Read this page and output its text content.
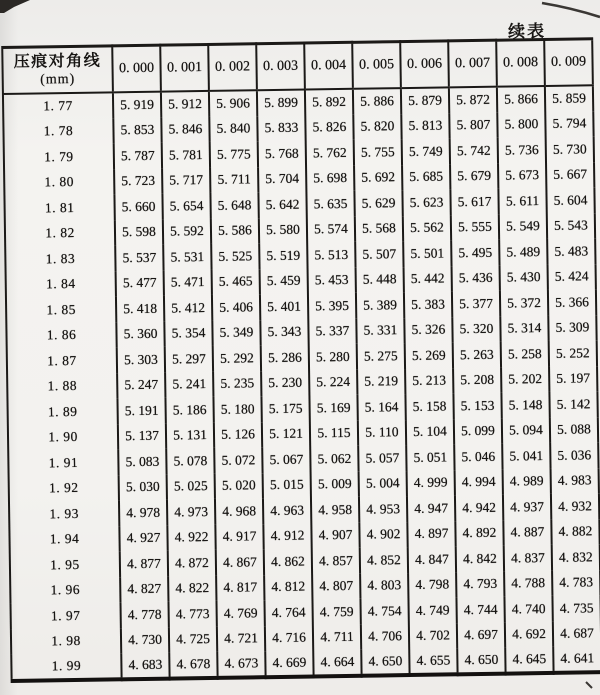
续表
压痕对角线
(mm)	0. 000	0. 001	0. 002	0. 003	0. 004	0. 005	0. 006	0. 007	0. 008	0. 009
1. 77	5. 919	5. 912	5. 906	5. 899	5. 892	5. 886	5. 879	5. 872	5. 866	5. 859
1. 78	5. 853	5. 846	5. 840	5. 833	5. 826	5. 820	5. 813	5. 807	5. 800	5. 794
1. 79	5. 787	5. 781	5. 775	5. 768	5. 762	5. 755	5. 749	5. 742	5. 736	5. 730
1. 80	5. 723	5. 717	5. 711	5. 704	5. 698	5. 692	5. 685	5. 679	5. 673	5. 667
1. 81	5. 660	5. 654	5. 648	5. 642	5. 635	5. 629	5. 623	5. 617	5. 611	5. 604
1. 82	5. 598	5. 592	5. 586	5. 580	5. 574	5. 568	5. 562	5. 555	5. 549	5. 543
1. 83	5. 537	5. 531	5. 525	5. 519	5. 513	5. 507	5. 501	5. 495	5. 489	5. 483
1. 84	5. 477	5. 471	5. 465	5. 459	5. 453	5. 448	5. 442	5. 436	5. 430	5. 424
1. 85	5. 418	5. 412	5. 406	5. 401	5. 395	5. 389	5. 383	5. 377	5. 372	5. 366
1. 86	5. 360	5. 354	5. 349	5. 343	5. 337	5. 331	5. 326	5. 320	5. 314	5. 309
1. 87	5. 303	5. 297	5. 292	5. 286	5. 280	5. 275	5. 269	5. 263	5. 258	5. 252
1. 88	5. 247	5. 241	5. 235	5. 230	5. 224	5. 219	5. 213	5. 208	5. 202	5. 197
1. 89	5. 191	5. 186	5. 180	5. 175	5. 169	5. 164	5. 158	5. 153	5. 148	5. 142
1. 90	5. 137	5. 131	5. 126	5. 121	5. 115	5. 110	5. 104	5. 099	5. 094	5. 088
1. 91	5. 083	5. 078	5. 072	5. 067	5. 062	5. 057	5. 051	5. 046	5. 041	5. 036
1. 92	5. 030	5. 025	5. 020	5. 015	5. 009	5. 004	4. 999	4. 994	4. 989	4. 983
1. 93	4. 978	4. 973	4. 968	4. 963	4. 958	4. 953	4. 947	4. 942	4. 937	4. 932
1. 94	4. 927	4. 922	4. 917	4. 912	4. 907	4. 902	4. 897	4. 892	4. 887	4. 882
1. 95	4. 877	4. 872	4. 867	4. 862	4. 857	4. 852	4. 847	4. 842	4. 837	4. 832
1. 96	4. 827	4. 822	4. 817	4. 812	4. 807	4. 803	4. 798	4. 793	4. 788	4. 783
1. 97	4. 778	4. 773	4. 769	4. 764	4. 759	4. 754	4. 749	4. 744	4. 740	4. 735
1. 98	4. 730	4. 725	4. 721	4. 716	4. 711	4. 706	4. 702	4. 697	4. 692	4. 687
1. 99	4. 683	4. 678	4. 673	4. 669	4. 664	4. 650	4. 655	4. 650	4. 645	4. 641
